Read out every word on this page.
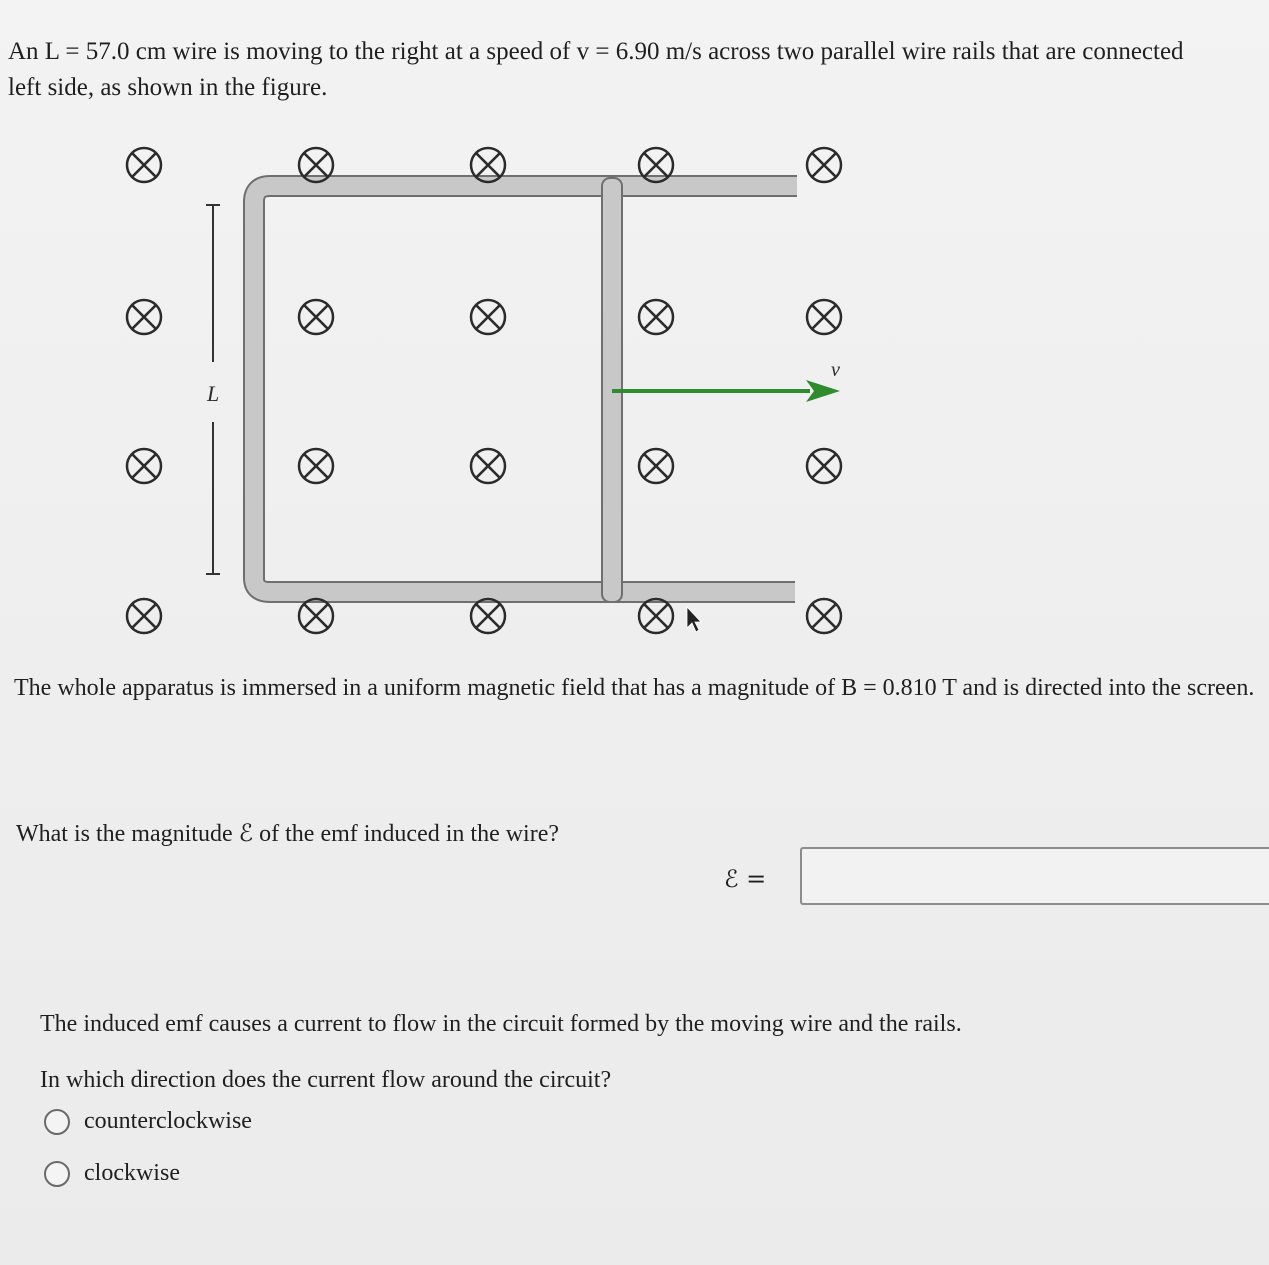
An L = 57.0 cm wire is moving to the right at a speed of v = 6.90 m/s across two parallel wire rails that are connected
left side, as shown in the figure.
L
v
The whole apparatus is immersed in a uniform magnetic field that has a magnitude of B = 0.810 T and is directed into the screen.
What is the magnitude ℰ of the emf induced in the wire?
ℰ =
The induced emf causes a current to flow in the circuit formed by the moving wire and the rails.
In which direction does the current flow around the circuit?
counterclockwise
clockwise
